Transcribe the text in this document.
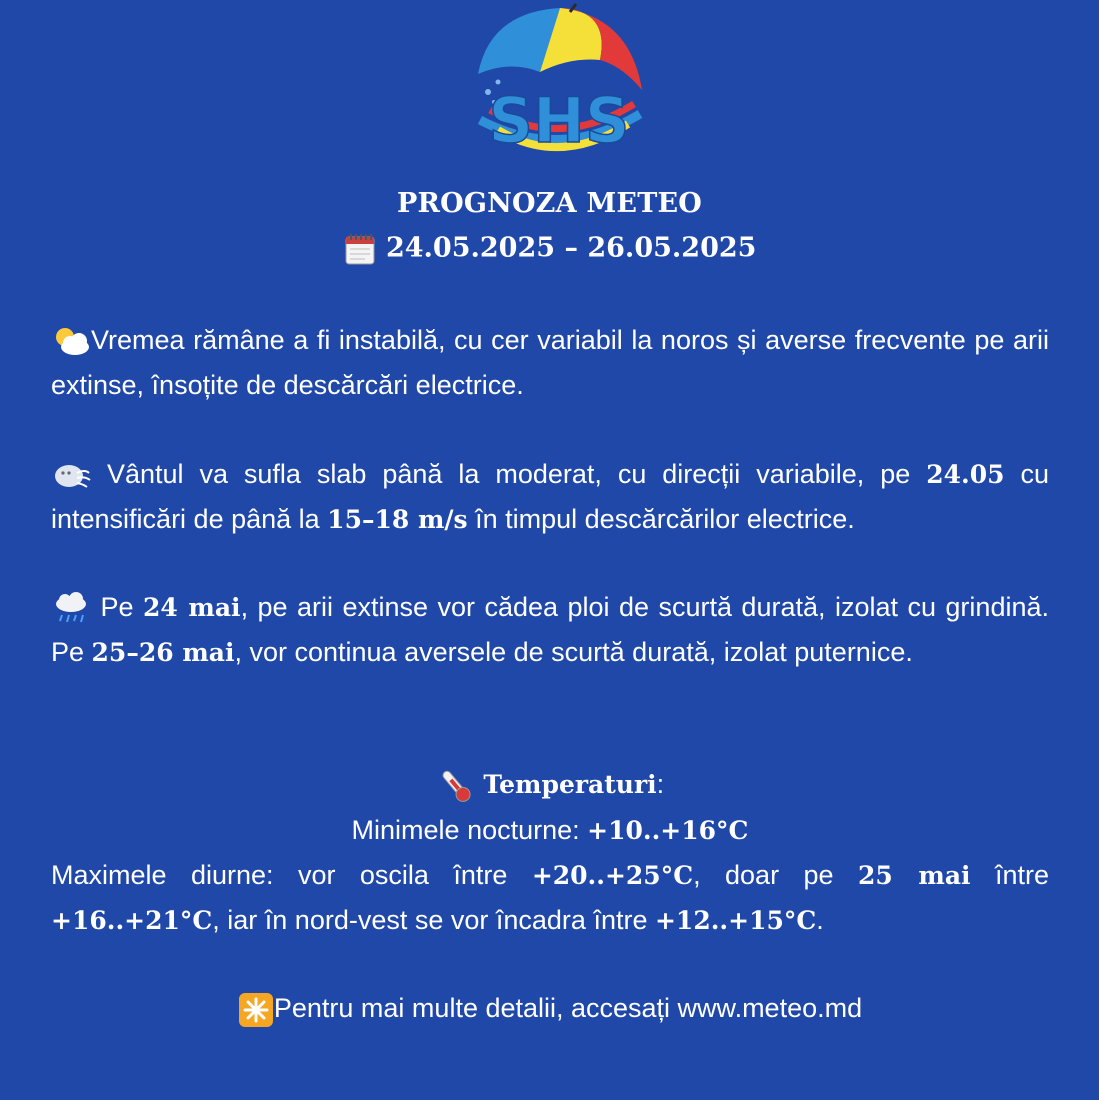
SHS
PROGNOZA METEO
24.05.2025 – 26.05.2025
Vremea rămâne a fi instabilă, cu cer variabil la noros și averse frecvente pe arii extinse, însoțite de descărcări electrice.
Vântul va sufla slab până la moderat, cu direcții variabile, pe 24.05 cu intensificări de până la 15–18 m/s în timpul descărcărilor electrice.
Pe 24 mai, pe arii extinse vor cădea ploi de scurtă durată, izolat cu grindină. Pe 25–26 mai, vor continua aversele de scurtă durată, izolat puternice.
Temperaturi:
Minimele nocturne: +10..+16°C
Maximele diurne: vor oscila între +20..+25°C, doar pe 25 mai între +16..+21°C, iar în nord-vest se vor încadra între +12..+15°C.
Pentru mai multe detalii, accesați www.meteo.md
